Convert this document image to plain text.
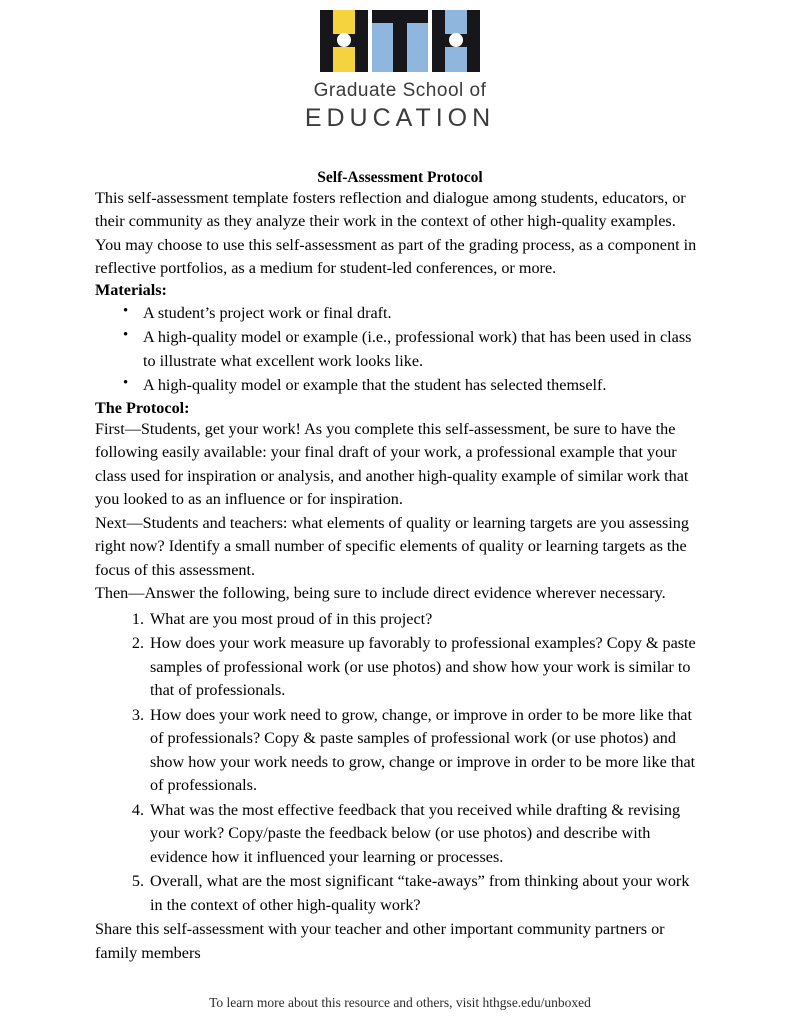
Graduate School of
EDUCATION
Self-Assessment Protocol

This self-assessment template fosters reflection and dialogue among students, educators, or their community as they analyze their work in the context of other high-quality examples. You may choose to use this self-assessment as part of the grading process, as a component in reflective portfolios, as a medium for student-led conferences, or more.

Materials:

• A student’s project work or final draft.
• A high-quality model or example (i.e., professional work) that has been used in class to illustrate what excellent work looks like.
• A high-quality model or example that the student has selected themself.

The Protocol:

First—Students, get your work! As you complete this self-assessment, be sure to have the following easily available: your final draft of your work, a professional example that your class used for inspiration or analysis, and another high-quality example of similar work that you looked to as an influence or for inspiration.

Next—Students and teachers: what elements of quality or learning targets are you assessing right now? Identify a small number of specific elements of quality or learning targets as the focus of this assessment.

Then—Answer the following, being sure to include direct evidence wherever necessary.

What are you most proud of in this project?
How does your work measure up favorably to professional examples? Copy & paste samples of professional work (or use photos) and show how your work is similar to that of professionals.
How does your work need to grow, change, or improve in order to be more like that of professionals? Copy & paste samples of professional work (or use photos) and show how your work needs to grow, change or improve in order to be more like that of professionals.
What was the most effective feedback that you received while drafting & revising your work? Copy/paste the feedback below (or use photos) and describe with evidence how it influenced your learning or processes.
Overall, what are the most significant “take-aways” from thinking about your work in the context of other high-quality work?

Share this self-assessment with your teacher and other important community partners or family members

To learn more about this resource and others, visit hthgse.edu/unboxed
